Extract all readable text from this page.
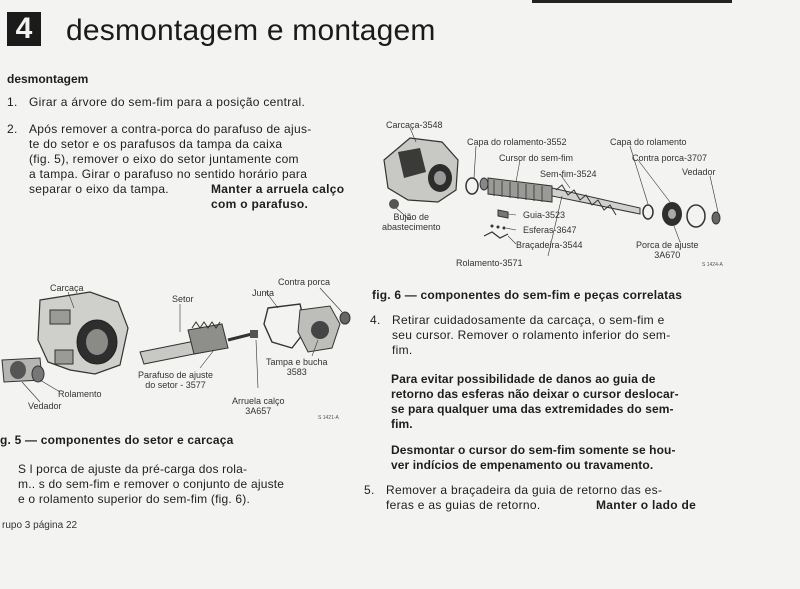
4 desmontagem e montagem
desmontagem
1. Girar a árvore do sem-fim para a posição central.
2. Após remover a contra-porca do parafuso de ajus-
te do setor e os parafusos da tampa da caixa
(fig. 5), remover o eixo do setor juntamente com
a tampa. Girar o parafuso no sentido horário para
separar o eixo da tampa.	Manter a arruela calço
com o parafuso.
Carcaça
Setor
Junta
Contra porca
Parafuso de ajuste
do setor - 3577
Tampa e bucha
3583
Rolamento
Vedador	Arruela calço
3A657
S 1421-A
g. 5 — componentes do setor e carcaça
S l porca de ajuste da pré-carga dos rola-
m.. s do sem-fim e remover o conjunto de ajuste
e o rolamento superior do sem-fim (fig. 6).
rupo 3 página 22
Carcaça-3548
Capa do rolamento-3552	Capa do rolamento
Cursor do sem-fim	Contra porca-3707
Sem-fim-3524	Vedador
Bujão de
abastecimento
Guia-3523
Esferas-3647
Braçadeira-3544	Porca de ajuste
3A670
Rolamento-3571	S 1424-A
fig. 6 — componentes do sem-fim e peças correlatas
4. Retirar cuidadosamente da carcaça, o sem-fim e
seu cursor. Remover o rolamento inferior do sem-
fim.
Para evitar possibilidade de danos ao guia de
retorno das esferas não deixar o cursor deslocar-
se para qualquer uma das extremidades do sem-
fim.
Desmontar o cursor do sem-fim somente se hou-
ver indícios de empenamento ou travamento.
5. Remover a braçadeira da guia de retorno das es-
feras e as guias de retorno.	Manter o lado de
